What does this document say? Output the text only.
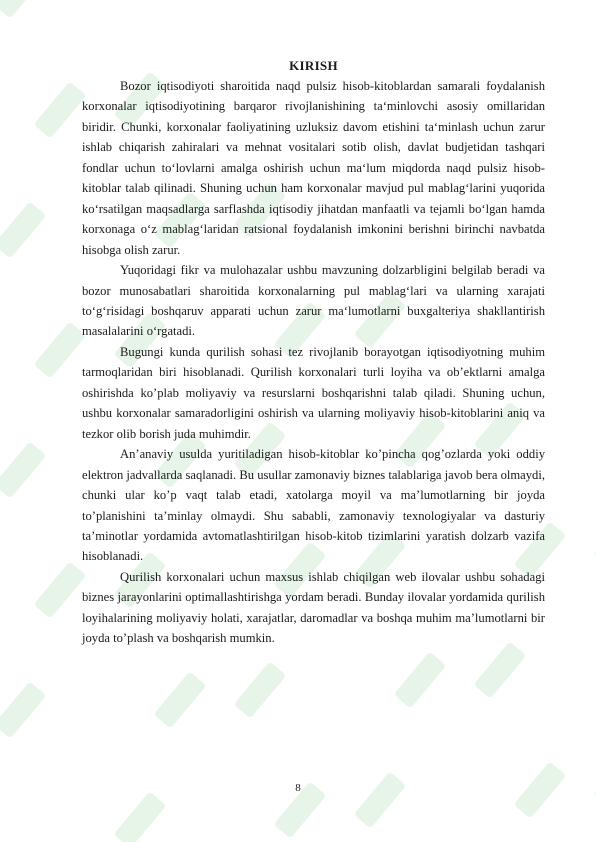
KIRISH

Bozor iqtisodiyoti sharoitida naqd pulsiz hisob-kitoblardan samarali foydalanish korxonalar iqtisodiyotining barqaror rivojlanishining ta‘minlovchi asosiy omillaridan biridir. Chunki, korxonalar faoliyatining uzluksiz davom etishini ta‘minlash uchun zarur ishlab chiqarish zahiralari va mehnat vositalari sotib olish, davlat budjetidan tashqari fondlar uchun to‘lovlarni amalga oshirish uchun ma‘lum miqdorda naqd pulsiz hisob-kitoblar talab qilinadi. Shuning uchun ham korxonalar mavjud pul mablag‘larini yuqorida ko‘rsatilgan maqsadlarga sarflashda iqtisodiy jihatdan manfaatli va tejamli bo‘lgan hamda korxonaga o‘z mablag‘laridan ratsional foydalanish imkonini berishni birinchi navbatda hisobga olish zarur.

Yuqoridagi fikr va mulohazalar ushbu mavzuning dolzarbligini belgilab beradi va bozor munosabatlari sharoitida korxonalarning pul mablag‘lari va ularning xarajati to‘g‘risidagi boshqaruv apparati uchun zarur ma‘lumotlarni buxgalteriya shakllantirish masalalarini o‘rgatadi.

Bugungi kunda qurilish sohasi tez rivojlanib borayotgan iqtisodiyotning muhim tarmoqlaridan biri hisoblanadi. Qurilish korxonalari turli loyiha va ob’ektlarni amalga oshirishda ko’plab moliyaviy va resurslarni boshqarishni talab qiladi. Shuning uchun, ushbu korxonalar samaradorligini oshirish va ularning moliyaviy hisob-kitoblarini aniq va tezkor olib borish juda muhimdir.

An’anaviy usulda yuritiladigan hisob-kitoblar ko’pincha qog’ozlarda yoki oddiy elektron jadvallarda saqlanadi. Bu usullar zamonaviy biznes talablariga javob bera olmaydi, chunki ular ko’p vaqt talab etadi, xatolarga moyil va ma’lumotlarning bir joyda to’planishini ta’minlay olmaydi. Shu sababli, zamonaviy texnologiyalar va dasturiy ta’minotlar yordamida avtomatlashtirilgan hisob-kitob tizimlarini yaratish dolzarb vazifa hisoblanadi.

Qurilish korxonalari uchun maxsus ishlab chiqilgan web ilovalar ushbu sohadagi biznes jarayonlarini optimallashtirishga yordam beradi. Bunday ilovalar yordamida qurilish loyihalarining moliyaviy holati, xarajatlar, daromadlar va boshqa muhim ma’lumotlarni bir joyda to’plash va boshqarish mumkin.

8
